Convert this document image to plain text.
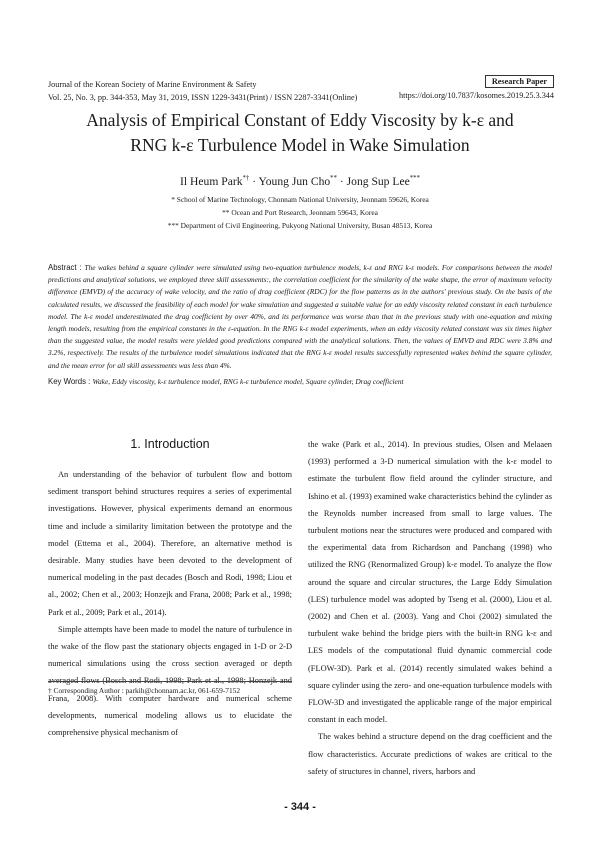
Journal of the Korean Society of Marine Environment & Safety
Vol. 25, No. 3, pp. 344-353, May 31, 2019, ISSN 1229-3431(Print) / ISSN 2287-3341(Online)
Research Paper
https://doi.org/10.7837/kosomes.2019.25.3.344
Analysis of Empirical Constant of Eddy Viscosity by k-ε and
RNG k-ε Turbulence Model in Wake Simulation
Il Heum Park*† · Young Jun Cho** · Jong Sup Lee***
* School of Marine Technology, Chonnam National University, Jeonnam 59626, Korea
** Ocean and Port Research, Jeonnam 59643, Korea
*** Department of Civil Engineering, Pukyong National University, Busan 48513, Korea
Abstract : The wakes behind a square cylinder were simulated using two-equation turbulence models, k-ε and RNG k-ε models. For comparisons between the model predictions and analytical solutions, we employed three skill assessments:, the correlation coefficient for the similarity of the wake shape, the error of maximum velocity difference (EMVD) of the accuracy of wake velocity, and the ratio of drag coefficient (RDC) for the flow patterns as in the authors' previous study. On the basis of the calculated results, we discussed the feasibility of each model for wake simulation and suggested a suitable value for an eddy viscosity related constant in each turbulence model. The k-ε model underestimated the drag coefficient by over 40%, and its performance was worse than that in the previous study with one-equation and mixing length models, resulting from the empirical constants in the ε-equation. In the RNG k-ε model experiments, when an eddy viscosity related constant was six times higher than the suggested value, the model results were yielded good predictions compared with the analytical solutions. Then, the values of EMVD and RDC were 3.8% and 3.2%, respectively. The results of the turbulence model simulations indicated that the RNG k-ε model results successfully represented wakes behind the square cylinder, and the mean error for all skill assessments was less than 4%.
Key Words : Wake, Eddy viscosity, k-ε turbulence model, RNG k-ε turbulence model, Square cylinder, Drag coefficient
1. Introduction

An understanding of the behavior of turbulent flow and bottom sediment transport behind structures requires a series of experimental investigations. However, physical experiments demand an enormous time and include a similarity limitation between the prototype and the model (Ettema et al., 2004). Therefore, an alternative method is desirable. Many studies have been devoted to the development of numerical modeling in the past decades (Bosch and Rodi, 1998; Liou et al., 2002; Chen et al., 2003; Honzejk and Frana, 2008; Park et al., 1998; Park et al., 2009; Park et al., 2014).

Simple attempts have been made to model the nature of turbulence in the wake of the flow past the stationary objects engaged in 1-D or 2-D numerical simulations using the cross section averaged or depth averaged flows (Bosch and Rodi, 1998; Park et al., 1998; Honzejk and Frana, 2008). With computer hardware and numerical scheme developments, numerical modeling allows us to elucidate the comprehensive physical mechanism of

the wake (Park et al., 2014). In previous studies, Olsen and Melaaen (1993) performed a 3-D numerical simulation with the k-ε model to estimate the turbulent flow field around the cylinder structure, and Ishino et al. (1993) examined wake characteristics behind the cylinder as the Reynolds number increased from small to large values. The turbulent motions near the structures were produced and compared with the experimental data from Richardson and Panchang (1998) who utilized the RNG (Renormalized Group) k-ε model. To analyze the flow around the square and circular structures, the Large Eddy Simulation (LES) turbulence model was adopted by Tseng et al. (2000), Liou et al. (2002) and Chen et al. (2003). Yang and Choi (2002) simulated the turbulent wake behind the bridge piers with the built-in RNG k-ε and LES models of the computational fluid dynamic commercial code (FLOW-3D). Park et al. (2014) recently simulated wakes behind a square cylinder using the zero- and one-equation turbulence models with FLOW-3D and investigated the applicable range of the major empirical constant in each model.

The wakes behind a structure depend on the drag coefficient and the flow characteristics. Accurate predictions of wakes are critical to the safety of structures in channel, rivers, harbors and

† Corresponding Author : parkih@chonnam.ac.kr, 061-659-7152
- 344 -
